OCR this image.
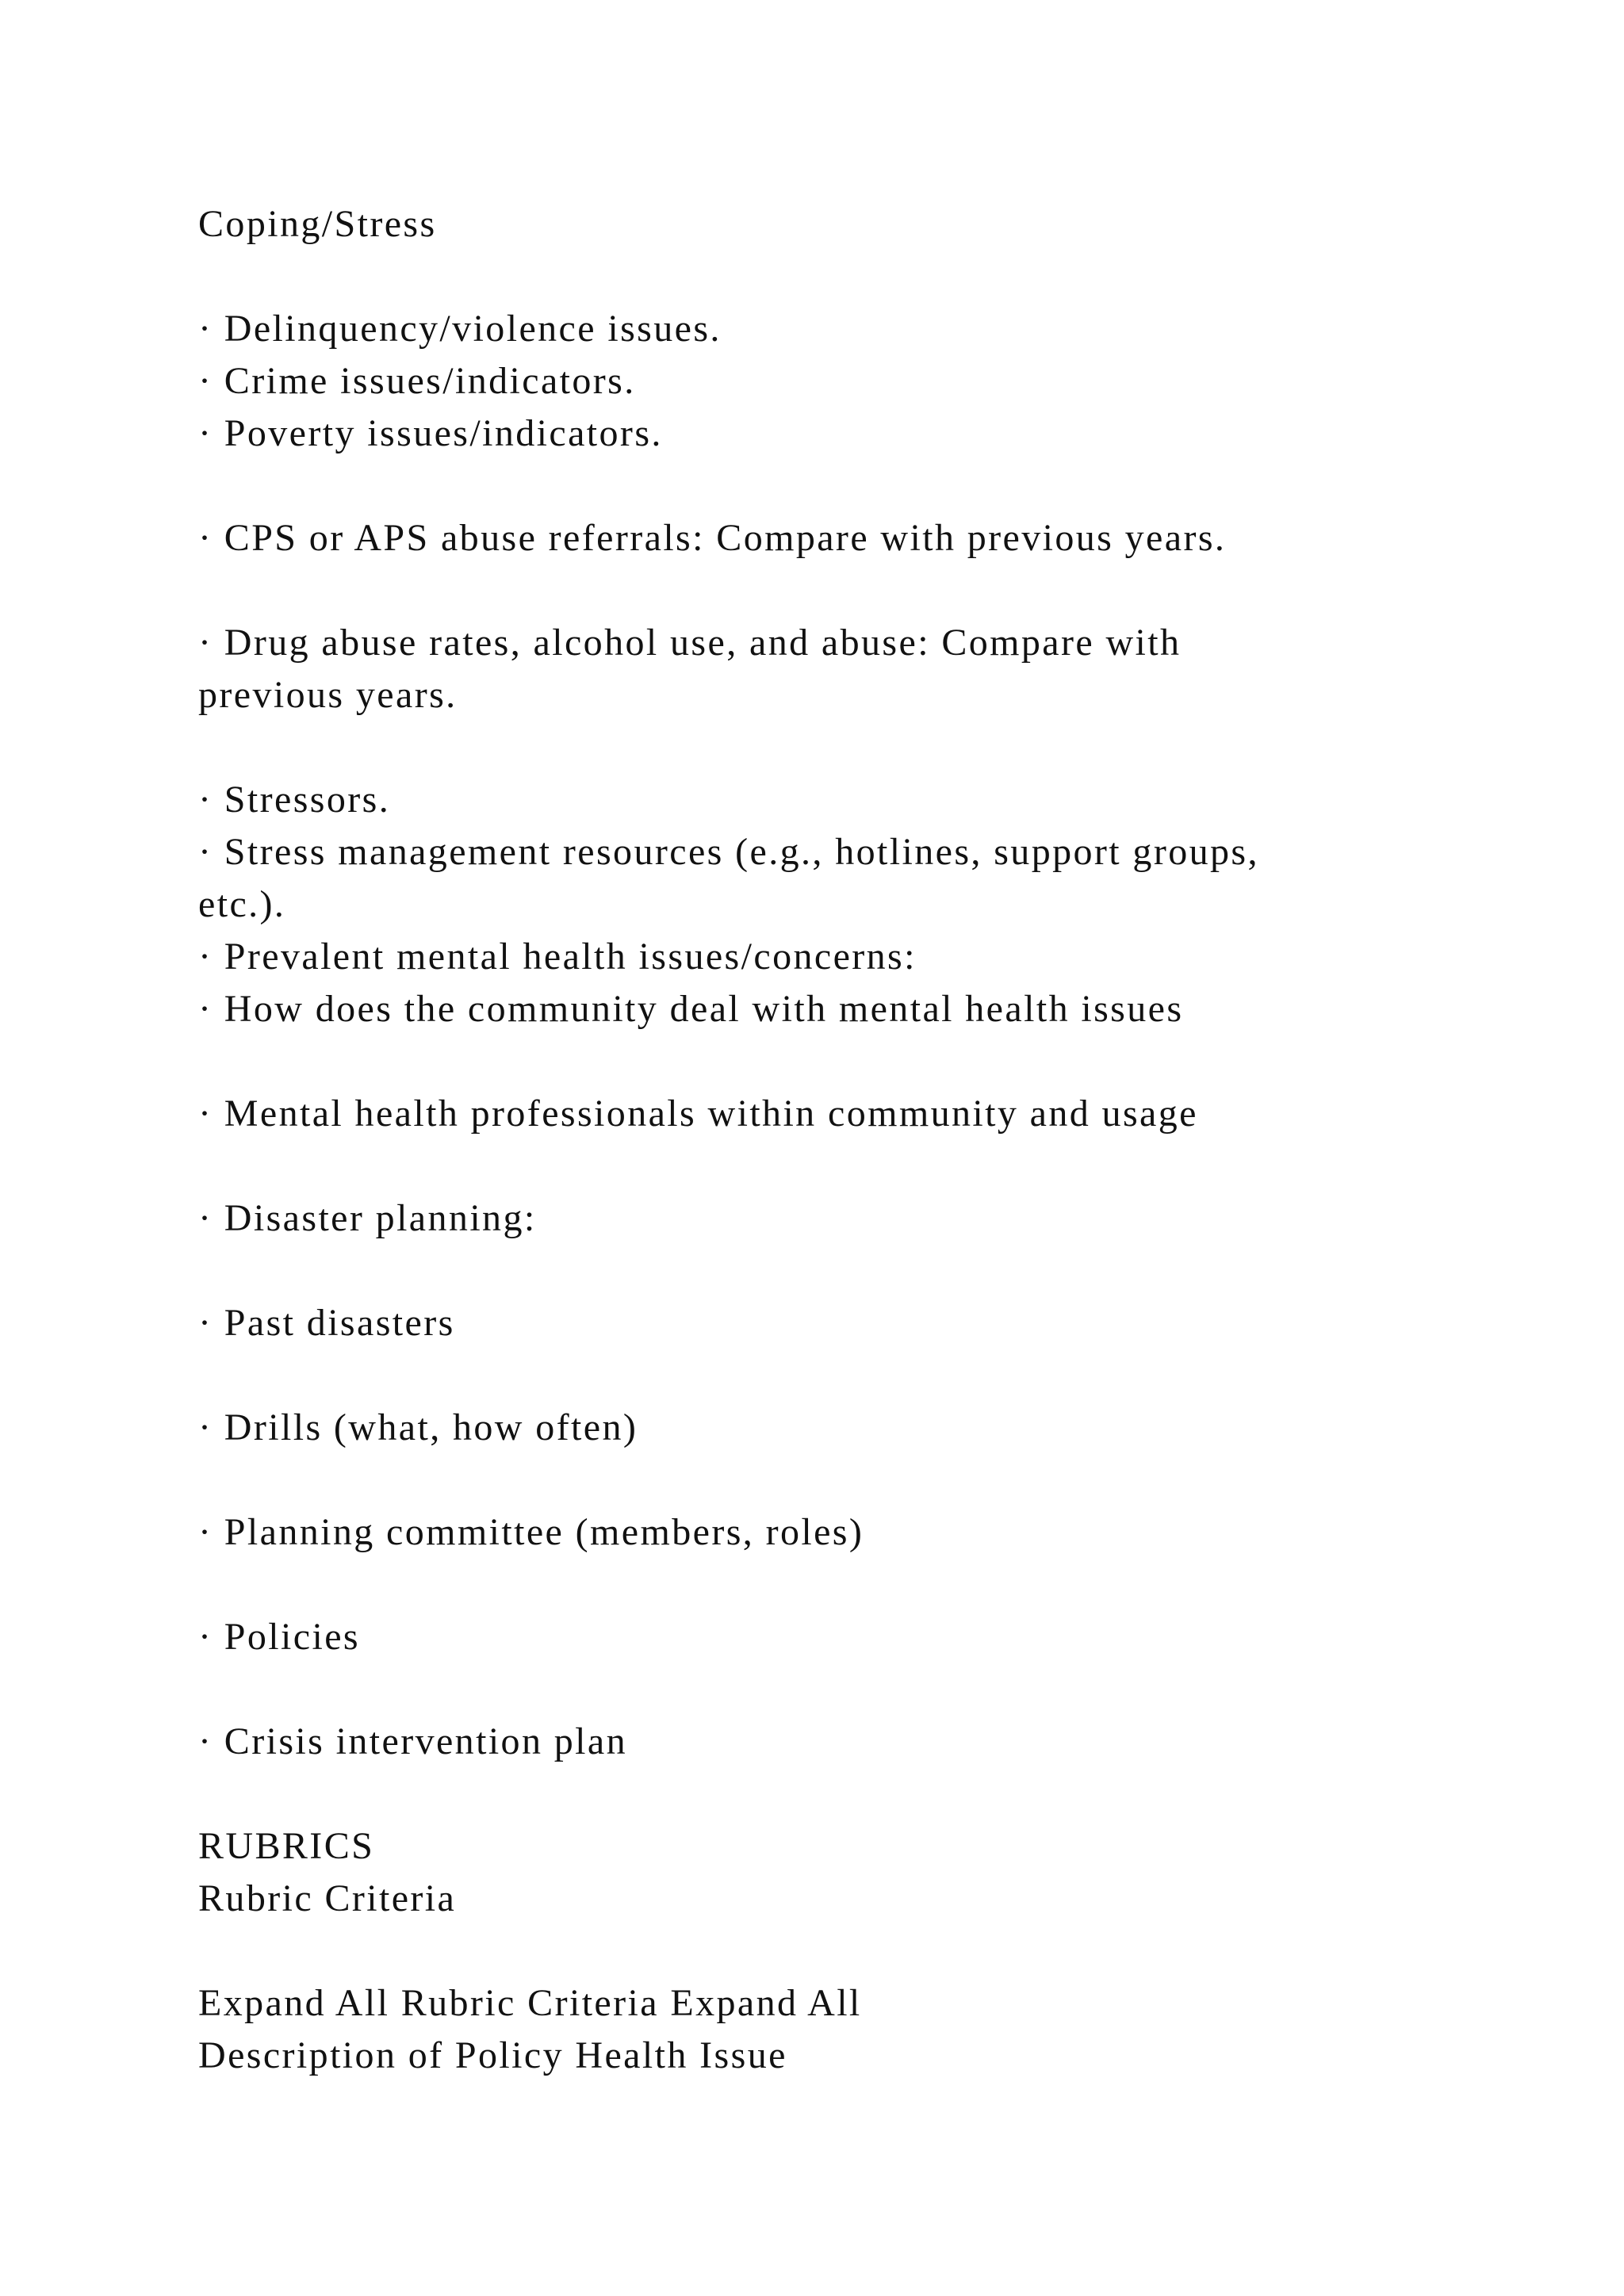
Coping/Stress

· Delinquency/violence issues.

· Crime issues/indicators.

· Poverty issues/indicators.

· CPS or APS abuse referrals: Compare with previous years.

· Drug abuse rates, alcohol use, and abuse: Compare with

previous years.

· Stressors.

· Stress management resources (e.g., hotlines, support groups,

etc.).

· Prevalent mental health issues/concerns:

· How does the community deal with mental health issues

· Mental health professionals within community and usage

· Disaster planning:

· Past disasters

· Drills (what, how often)

· Planning committee (members, roles)

· Policies

· Crisis intervention plan

RUBRICS

Rubric Criteria

Expand All Rubric Criteria Expand All

Description of Policy Health Issue
